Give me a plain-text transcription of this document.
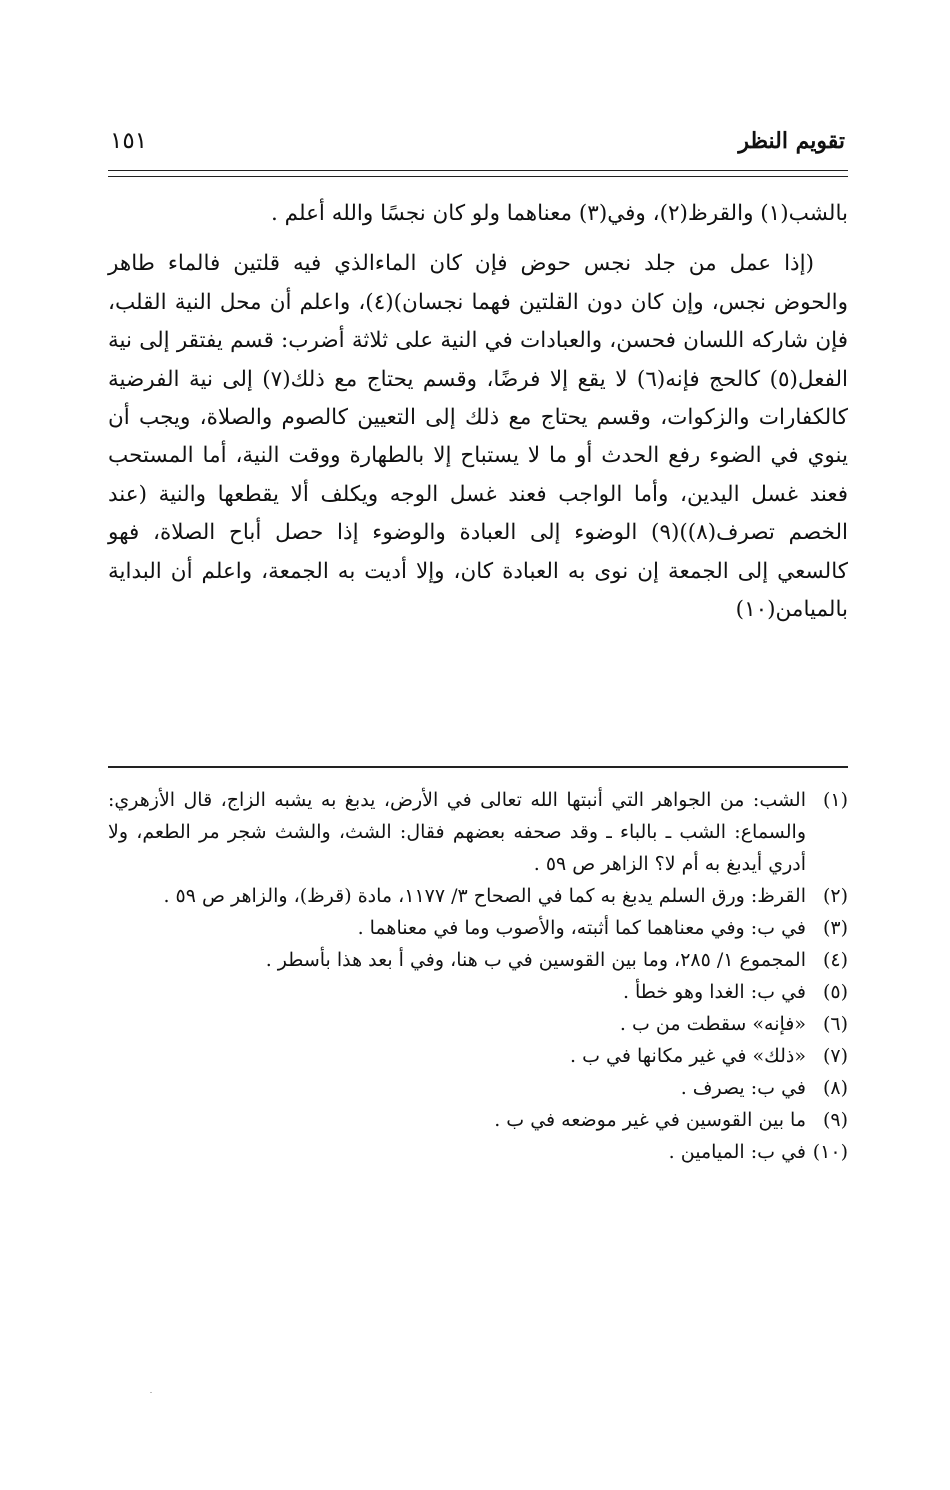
تقويم النظر
١٥١

بالشب(١) والقرظ(٢)، وفي(٣) معناهما ولو كان نجسًا والله أعلم .

(إذا عمل من جلد نجس حوض فإن كان الماءالذي فيه قلتين فالماء طاهر والحوض نجس، وإن كان دون القلتين فهما نجسان)(٤)، واعلم أن محل النية القلب، فإن شاركه اللسان فحسن، والعبادات في النية على ثلاثة أضرب: قسم يفتقر إلى نية الفعل(٥) كالحج فإنه(٦) لا يقع إلا فرضًا، وقسم يحتاج مع ذلك(٧) إلى نية الفرضية كالكفارات والزكوات، وقسم يحتاج مع ذلك إلى التعيين كالصوم والصلاة، ويجب أن ينوي في الضوء رفع الحدث أو ما لا يستباح إلا بالطهارة ووقت النية، أما المستحب فعند غسل اليدين، وأما الواجب فعند غسل الوجه ويكلف ألا يقطعها والنية (عند الخصم تصرف(٨))(٩) الوضوء إلى العبادة والوضوء إذا حصل أباح الصلاة، فهو كالسعي إلى الجمعة إن نوى به العبادة كان، وإلا أديت به الجمعة، واعلم أن البداية بالميامن(١٠)

(١)
الشب: من الجواهر التي أنبتها الله تعالى في الأرض، يدبغ به يشبه الزاج، قال الأزهري: والسماع: الشب ـ بالباء ـ وقد صحفه بعضهم فقال: الشث، والشث شجر مر الطعم، ولا أدري أيدبغ به أم لا؟ الزاهر ص ٥٩ .
(٢)
القرظ: ورق السلم يدبغ به كما في الصحاح ٣/ ١١٧٧، مادة (قرظ)، والزاهر ص ٥٩ .
(٣)
في ب: وفي معناهما كما أثبته، والأصوب وما في معناهما .
(٤)
المجموع ١/ ٢٨٥، وما بين القوسين في ب هنا، وفي أ بعد هذا بأسطر .
(٥)
في ب: الغدا وهو خطأ .
(٦)
«فإنه» سقطت من ب .
(٧)
«ذلك» في غير مكانها في ب .
(٨)
في ب: يصرف .
(٩)
ما بين القوسين في غير موضعه في ب .
(١٠)
في ب: الميامين .
